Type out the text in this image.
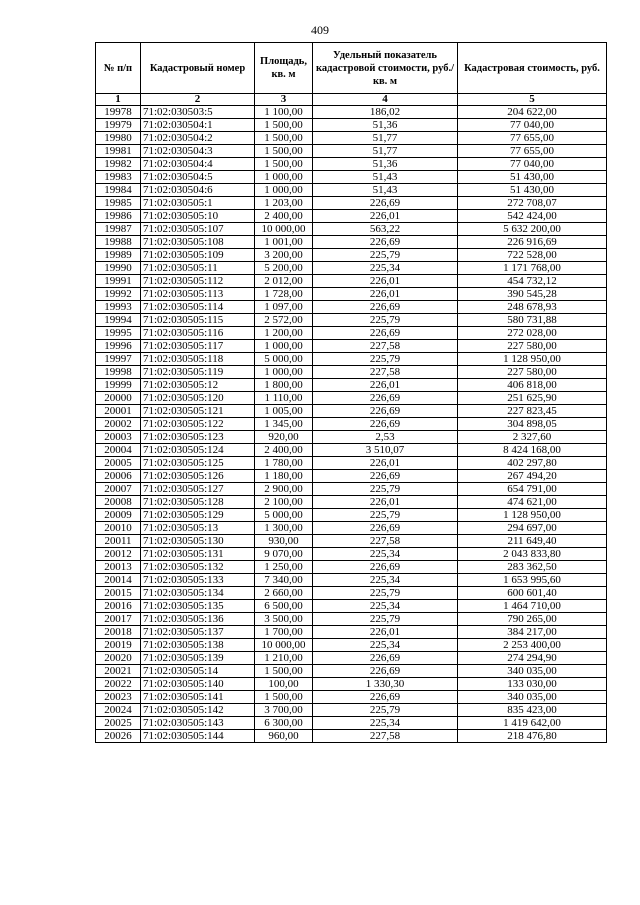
409
№ п/п	Кадастровый номер	Площадь, кв. м	Удельный показатель кадастровой стоимости, руб./кв. м	Кадастровая стоимость, руб.
1	2	3	4	5
19978	71:02:030503:5	1 100,00	186,02	204 622,00
19979	71:02:030504:1	1 500,00	51,36	77 040,00
19980	71:02:030504:2	1 500,00	51,77	77 655,00
19981	71:02:030504:3	1 500,00	51,77	77 655,00
19982	71:02:030504:4	1 500,00	51,36	77 040,00
19983	71:02:030504:5	1 000,00	51,43	51 430,00
19984	71:02:030504:6	1 000,00	51,43	51 430,00
19985	71:02:030505:1	1 203,00	226,69	272 708,07
19986	71:02:030505:10	2 400,00	226,01	542 424,00
19987	71:02:030505:107	10 000,00	563,22	5 632 200,00
19988	71:02:030505:108	1 001,00	226,69	226 916,69
19989	71:02:030505:109	3 200,00	225,79	722 528,00
19990	71:02:030505:11	5 200,00	225,34	1 171 768,00
19991	71:02:030505:112	2 012,00	226,01	454 732,12
19992	71:02:030505:113	1 728,00	226,01	390 545,28
19993	71:02:030505:114	1 097,00	226,69	248 678,93
19994	71:02:030505:115	2 572,00	225,79	580 731,88
19995	71:02:030505:116	1 200,00	226,69	272 028,00
19996	71:02:030505:117	1 000,00	227,58	227 580,00
19997	71:02:030505:118	5 000,00	225,79	1 128 950,00
19998	71:02:030505:119	1 000,00	227,58	227 580,00
19999	71:02:030505:12	1 800,00	226,01	406 818,00
20000	71:02:030505:120	1 110,00	226,69	251 625,90
20001	71:02:030505:121	1 005,00	226,69	227 823,45
20002	71:02:030505:122	1 345,00	226,69	304 898,05
20003	71:02:030505:123	920,00	2,53	2 327,60
20004	71:02:030505:124	2 400,00	3 510,07	8 424 168,00
20005	71:02:030505:125	1 780,00	226,01	402 297,80
20006	71:02:030505:126	1 180,00	226,69	267 494,20
20007	71:02:030505:127	2 900,00	225,79	654 791,00
20008	71:02:030505:128	2 100,00	226,01	474 621,00
20009	71:02:030505:129	5 000,00	225,79	1 128 950,00
20010	71:02:030505:13	1 300,00	226,69	294 697,00
20011	71:02:030505:130	930,00	227,58	211 649,40
20012	71:02:030505:131	9 070,00	225,34	2 043 833,80
20013	71:02:030505:132	1 250,00	226,69	283 362,50
20014	71:02:030505:133	7 340,00	225,34	1 653 995,60
20015	71:02:030505:134	2 660,00	225,79	600 601,40
20016	71:02:030505:135	6 500,00	225,34	1 464 710,00
20017	71:02:030505:136	3 500,00	225,79	790 265,00
20018	71:02:030505:137	1 700,00	226,01	384 217,00
20019	71:02:030505:138	10 000,00	225,34	2 253 400,00
20020	71:02:030505:139	1 210,00	226,69	274 294,90
20021	71:02:030505:14	1 500,00	226,69	340 035,00
20022	71:02:030505:140	100,00	1 330,30	133 030,00
20023	71:02:030505:141	1 500,00	226,69	340 035,00
20024	71:02:030505:142	3 700,00	225,79	835 423,00
20025	71:02:030505:143	6 300,00	225,34	1 419 642,00
20026	71:02:030505:144	960,00	227,58	218 476,80
